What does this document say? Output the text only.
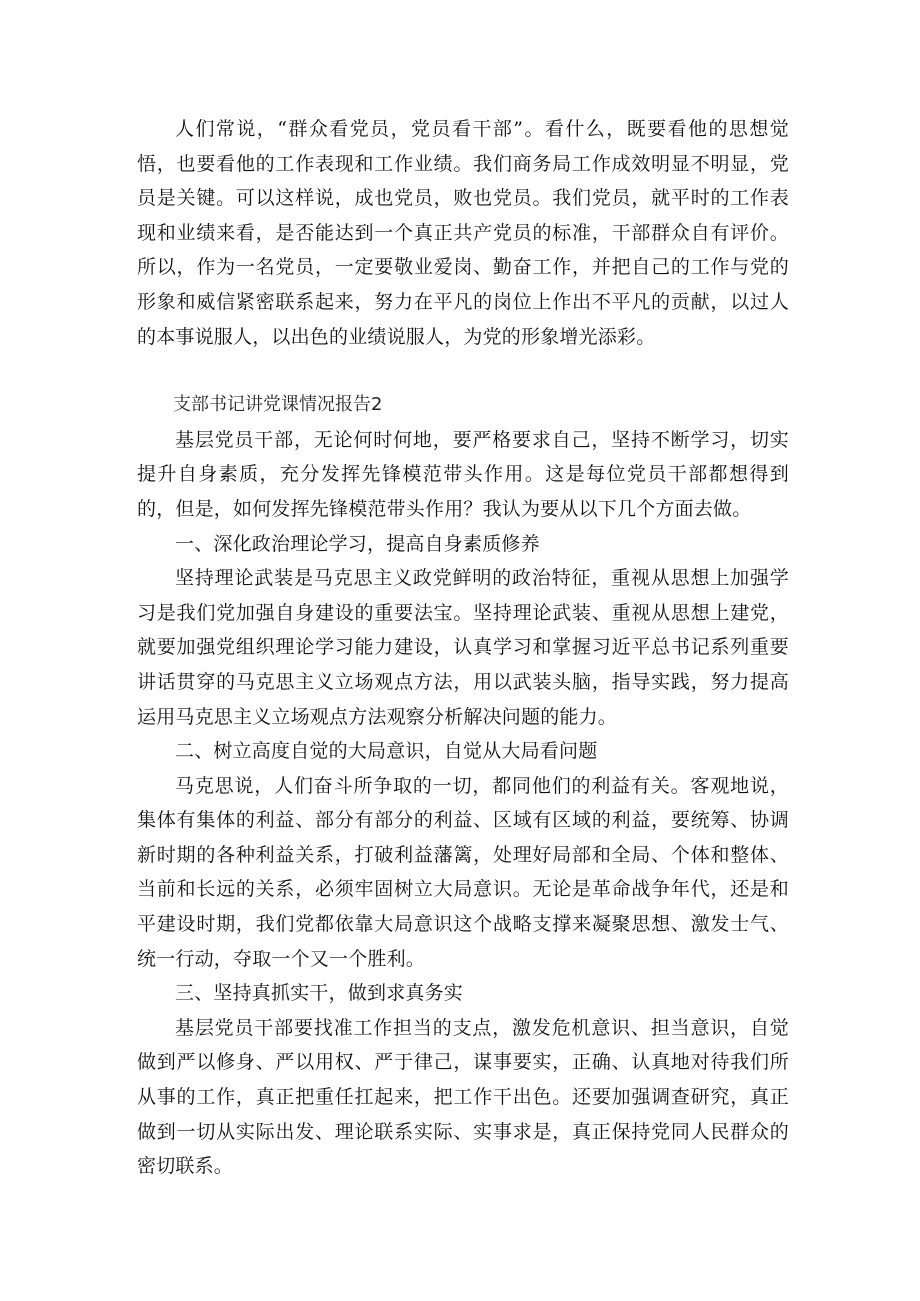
人们常说，“群众看党员，党员看干部”。看什么，既要看他的思想觉悟，也要看他的工作表现和工作业绩。我们商务局工作成效明显不明显，党员是关键。可以这样说，成也党员，败也党员。我们党员，就平时的工作表现和业绩来看，是否能达到一个真正共产党员的标准，干部群众自有评价。所以，作为一名党员，一定要敬业爱岗、勤奋工作，并把自己的工作与党的形象和威信紧密联系起来，努力在平凡的岗位上作出不平凡的贡献，以过人的本事说服人，以出色的业绩说服人，为党的形象增光添彩。

支部书记讲党课情况报告2

基层党员干部，无论何时何地，要严格要求自己，坚持不断学习，切实提升自身素质，充分发挥先锋模范带头作用。这是每位党员干部都想得到的，但是，如何发挥先锋模范带头作用？我认为要从以下几个方面去做。

一、深化政治理论学习，提高自身素质修养

坚持理论武装是马克思主义政党鲜明的政治特征，重视从思想上加强学习是我们党加强自身建设的重要法宝。坚持理论武装、重视从思想上建党，就要加强党组织理论学习能力建设，认真学习和掌握习近平总书记系列重要讲话贯穿的马克思主义立场观点方法，用以武装头脑，指导实践，努力提高运用马克思主义立场观点方法观察分析解决问题的能力。

二、树立高度自觉的大局意识，自觉从大局看问题

马克思说，人们奋斗所争取的一切，都同他们的利益有关。客观地说，集体有集体的利益、部分有部分的利益、区域有区域的利益，要统筹、协调新时期的各种利益关系，打破利益藩篱，处理好局部和全局、个体和整体、当前和长远的关系，必须牢固树立大局意识。无论是革命战争年代，还是和平建设时期，我们党都依靠大局意识这个战略支撑来凝聚思想、激发士气、统一行动，夺取一个又一个胜利。

三、坚持真抓实干，做到求真务实

基层党员干部要找准工作担当的支点，激发危机意识、担当意识，自觉做到严以修身、严以用权、严于律己，谋事要实，正确、认真地对待我们所从事的工作，真正把重任扛起来，把工作干出色。还要加强调查研究，真正做到一切从实际出发、理论联系实际、实事求是，真正保持党同人民群众的密切联系。
